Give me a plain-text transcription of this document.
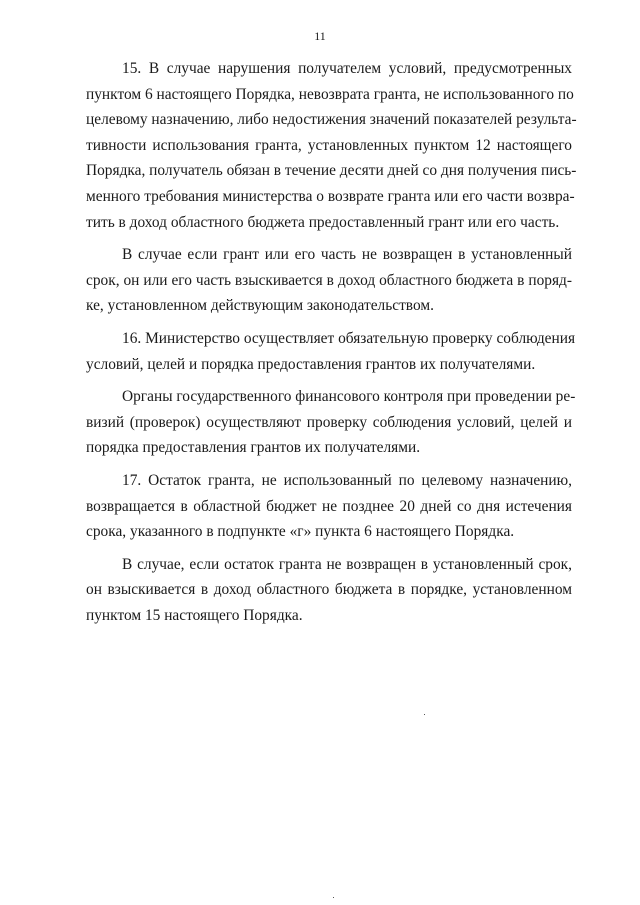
11
15. В случае нарушения получателем условий, предусмотренных
пунктом 6 настоящего Порядка, невозврата гранта, не использованного по
целевому назначению, либо недостижения значений показателей результа-
тивности использования гранта, установленных пунктом 12 настоящего
Порядка, получатель обязан в течение десяти дней со дня получения пись-
менного требования министерства о возврате гранта или его части возвра-
тить в доход областного бюджета предоставленный грант или его часть.
В случае если грант или его часть не возвращен в установленный
срок, он или его часть взыскивается в доход областного бюджета в поряд-
ке, установленном действующим законодательством.
16. Министерство осуществляет обязательную проверку соблюдения
условий, целей и порядка предоставления грантов их получателями.
Органы государственного финансового контроля при проведении ре-
визий (проверок) осуществляют проверку соблюдения условий, целей и
порядка предоставления грантов их получателями.
17. Остаток гранта, не использованный по целевому назначению,
возвращается в областной бюджет не позднее 20 дней со дня истечения
срока, указанного в подпункте «г» пункта 6 настоящего Порядка.
В случае, если остаток гранта не возвращен в установленный срок,
он взыскивается в доход областного бюджета в порядке, установленном
пунктом 15 настоящего Порядка.
